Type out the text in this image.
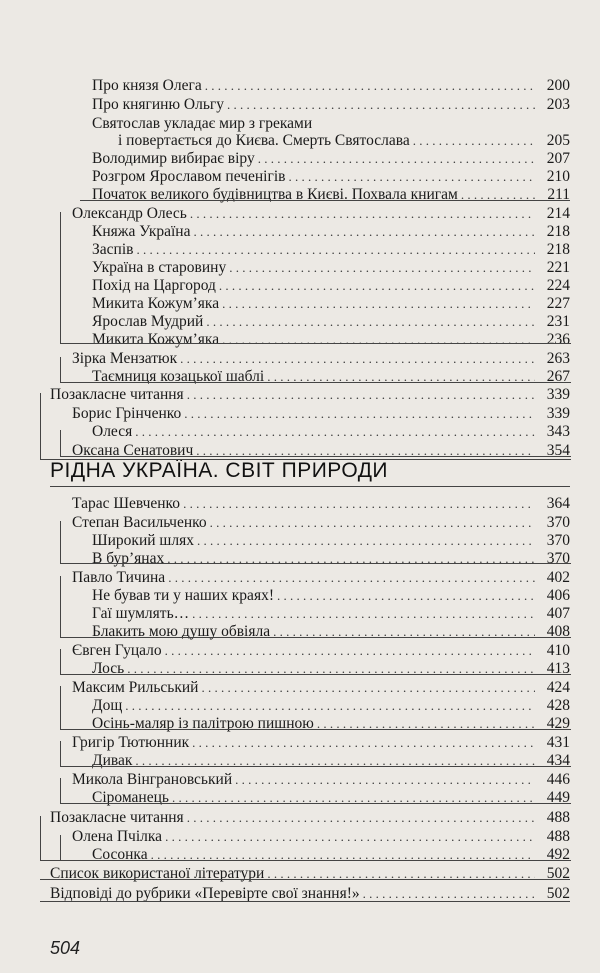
Про князя Олега . . .	200
Про княгиню Ольгу . . .	203
Святослав укладає мир з греками
і повертається до Києва. Смерть Святослава . . .	205
Володимир вибирає віру . . .	207
Розгром Ярославом печенігів . . .	210
Початок великого будівництва в Києві. Похвала книгам . . .	211
Олександр Олесь . . .	214
Княжа Україна . . .	218
Заспів . . .	218
Україна в старовину . . .	221
Похід на Царгород . . .	224
Микита Кожум’яка . . .	227
Ярослав Мудрий . . .	231
Микита Кожум’яка . . .	236
Зірка Мензатюк . . .	263
Таємниця козацької шаблі . . .	267
Позакласне читання . . .	339
Борис Грінченко . . .	339
Олеся . . .	343
Оксана Сенатович . . .	354
РІДНА УКРАЇНА. СВІТ ПРИРОДИ
Тарас Шевченко . . .	364
Степан Васильченко . . .	370
Широкий шлях . . .	370
В бур’янах . . .	370
Павло Тичина . . .	402
Не бував ти у наших краях! . . .	406
Гаї шумлять… . . .	407
Блакить мою душу обвіяла . . .	408
Євген Гуцало . . .	410
Лось . . .	413
Максим Рильський . . .	424
Дощ . . .	428
Осінь-маляр із палітрою пишною . . .	429
Григір Тютюнник . . .	431
Дивак . . .	434
Микола Вінграновський . . .	446
Сіроманець . . .	449
Позакласне читання . . .	488
Олена Пчілка . . .	488
Сосонка . . .	492
Список використаної літератури . . .	502
Відповіді до рубрики «Перевірте свої знання!» . . .	502
504
